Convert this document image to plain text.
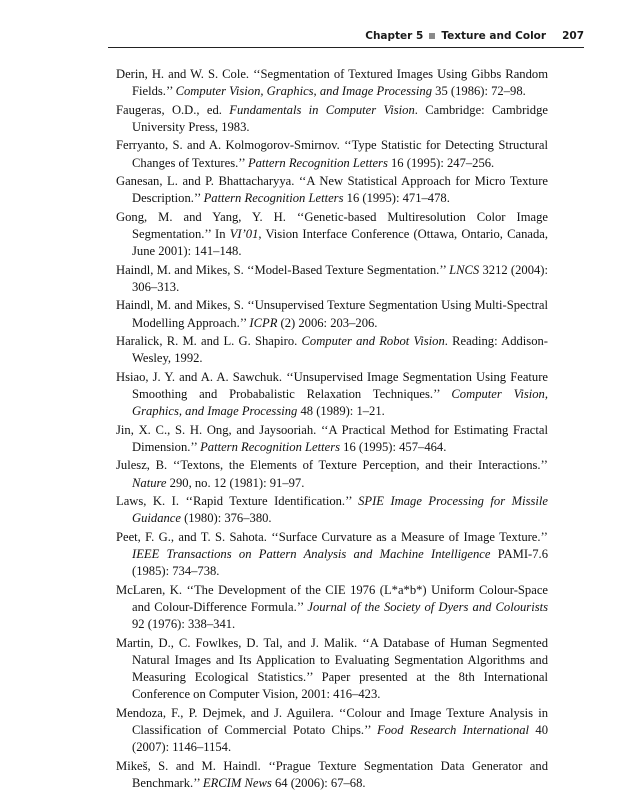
Chapter 5 Texture and Color 207
Derin, H. and W. S. Cole. ‘‘Segmentation of Textured Images Using Gibbs Random Fields.’’ Computer Vision, Graphics, and Image Processing 35 (1986): 72–98.
Faugeras, O.D., ed. Fundamentals in Computer Vision. Cambridge: Cambridge University Press, 1983.
Ferryanto, S. and A. Kolmogorov-Smirnov. ‘‘Type Statistic for Detecting Structural Changes of Textures.’’ Pattern Recognition Letters 16 (1995): 247–256.
Ganesan, L. and P. Bhattacharyya. ‘‘A New Statistical Approach for Micro Texture Description.’’ Pattern Recognition Letters 16 (1995): 471–478.
Gong, M. and Yang, Y. H. ‘‘Genetic-based Multiresolution Color Image Segmentation.’’ In VI’01, Vision Interface Conference (Ottawa, Ontario, Canada, June 2001): 141–148.
Haindl, M. and Mikes, S. ‘‘Model-Based Texture Segmentation.’’ LNCS 3212 (2004): 306–313.
Haindl, M. and Mikes, S. ‘‘Unsupervised Texture Segmentation Using Multi-Spectral Modelling Approach.’’ ICPR (2) 2006: 203–206.
Haralick, R. M. and L. G. Shapiro. Computer and Robot Vision. Reading: Addison-Wesley, 1992.
Hsiao, J. Y. and A. A. Sawchuk. ‘‘Unsupervised Image Segmentation Using Feature Smoothing and Probabalistic Relaxation Techniques.’’ Computer Vision, Graphics, and Image Processing 48 (1989): 1–21.
Jin, X. C., S. H. Ong, and Jaysooriah. ‘‘A Practical Method for Estimating Fractal Dimension.’’ Pattern Recognition Letters 16 (1995): 457–464.
Julesz, B. ‘‘Textons, the Elements of Texture Perception, and their Interactions.’’ Nature 290, no. 12 (1981): 91–97.
Laws, K. I. ‘‘Rapid Texture Identification.’’ SPIE Image Processing for Missile Guidance (1980): 376–380.
Peet, F. G., and T. S. Sahota. ‘‘Surface Curvature as a Measure of Image Texture.’’ IEEE Transactions on Pattern Analysis and Machine Intelligence PAMI-7.6 (1985): 734–738.
McLaren, K. ‘‘The Development of the CIE 1976 (L*a*b*) Uniform Colour-Space and Colour-Difference Formula.’’ Journal of the Society of Dyers and Colourists 92 (1976): 338–341.
Martin, D., C. Fowlkes, D. Tal, and J. Malik. ‘‘A Database of Human Segmented Natural Images and Its Application to Evaluating Segmentation Algorithms and Measuring Ecological Statistics.’’ Paper presented at the 8th International Conference on Computer Vision, 2001: 416–423.
Mendoza, F., P. Dejmek, and J. Aguilera. ‘‘Colour and Image Texture Analysis in Classification of Commercial Potato Chips.’’ Food Research International 40 (2007): 1146–1154.
Mikeš, S. and M. Haindl. ‘‘Prague Texture Segmentation Data Generator and Benchmark.’’ ERCIM News 64 (2006): 67–68.
